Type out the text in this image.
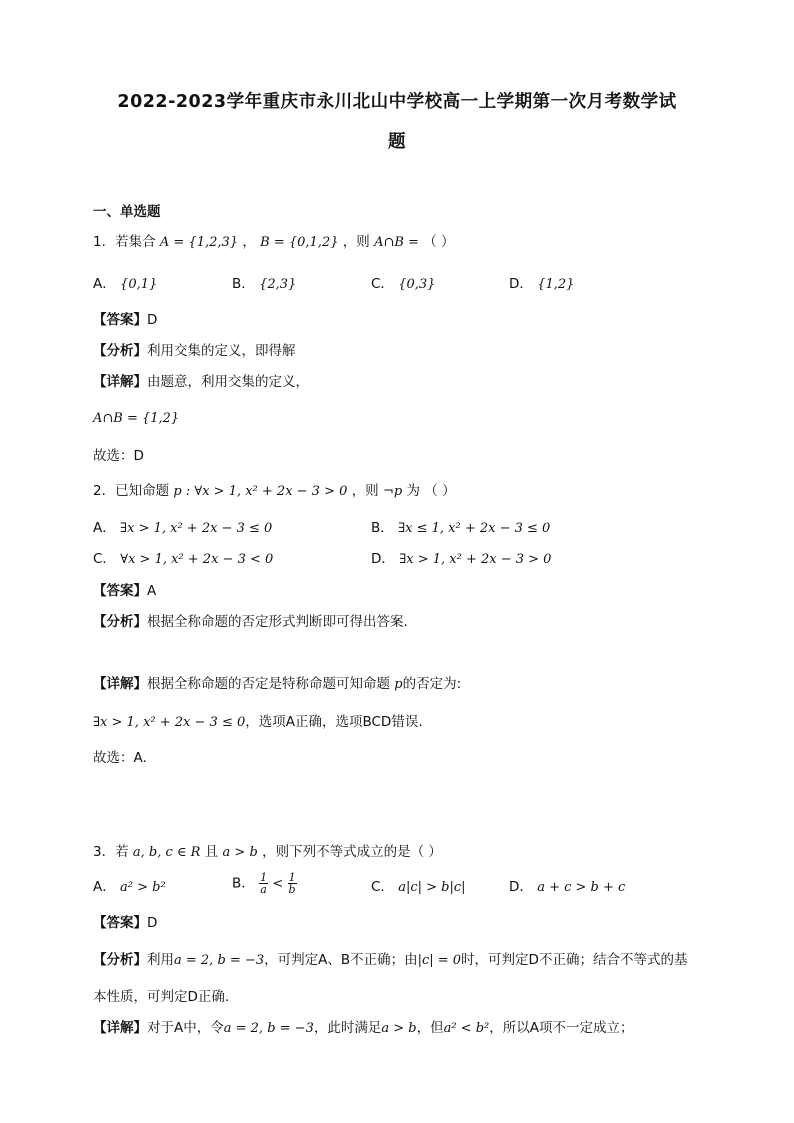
2022-2023学年重庆市永川北山中学校高一上学期第一次月考数学试
题
一、单选题
1．若集合 A = {1,2,3} ， B = {0,1,2} ，则 A∩B = （ ）
A． {0,1}	B． {2,3}	C． {0,3}	D． {1,2}
【答案】D
【分析】利用交集的定义，即得解
【详解】由题意，利用交集的定义，
A∩B = {1,2}
故选：D
2．已知命题 p : ∀x > 1, x² + 2x − 3 > 0 ，则 ¬p 为 （ ）
A． ∃x > 1, x² + 2x − 3 ≤ 0	B． ∃x ≤ 1, x² + 2x − 3 ≤ 0
C． ∀x > 1, x² + 2x − 3 < 0	D． ∃x > 1, x² + 2x − 3 > 0
【答案】A
【分析】根据全称命题的否定形式判断即可得出答案.
【详解】根据全称命题的否定是特称命题可知命题 p的否定为:
∃x > 1, x² + 2x − 3 ≤ 0，选项A正确，选项BCD错误.
故选：A.
3．若 a, b, c ∈ R 且 a > b ，则下列不等式成立的是（ ）
A． a² > b²	B． $\frac{1}{a} < \frac{1}{b}$	C． a|c| > b|c|	D． a + c > b + c
【答案】D
【分析】利用a = 2, b = −3，可判定A、B不正确；由|c| = 0时，可判定D不正确；结合不等式的基
本性质，可判定D正确.
【详解】对于A中，令a = 2, b = −3，此时满足a > b，但a² < b²，所以A项不一定成立；
